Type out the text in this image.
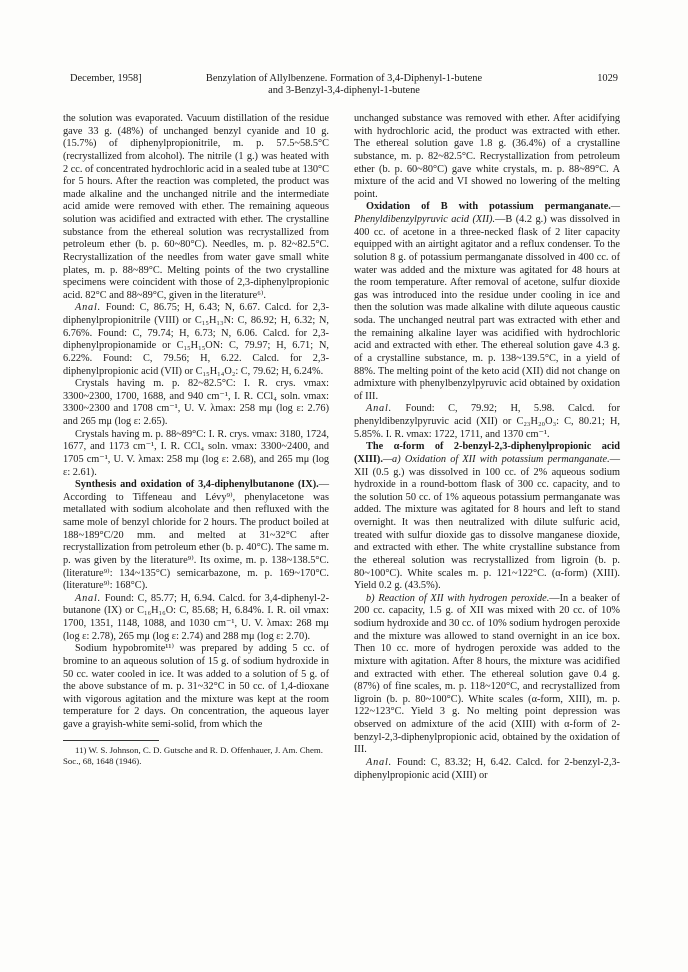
December, 1958]	Benzylation of Allylbenzene. Formation of 3,4-Diphenyl-1-butene
and 3-Benzyl-3,4-diphenyl-1-butene
1029

the solution was evaporated. Vacuum distillation of the residue gave 33 g. (48%) of unchanged benzyl cyanide and 10 g. (15.7%) of diphenylpropionitrile, m. p. 57.5~58.5°C (recrystallized from alcohol). The nitrile (1 g.) was heated with 2 cc. of concentrated hydrochloric acid in a sealed tube at 130°C for 5 hours. After the reaction was completed, the product was made alkaline and the unchanged nitrile and the intermediate acid amide were removed with ether. The remaining aqueous solution was acidified and extracted with ether. The crystalline substance from the ethereal solution was recrystallized from petroleum ether (b. p. 60~80°C). Needles, m. p. 82~82.5°C. Recrystallization of the needles from water gave small white plates, m. p. 88~89°C. Melting points of the two crystalline specimens were coincident with those of 2,3-diphenylpropionic acid. 82°C and 88~89°C, given in the literature⁶⁾.

Anal. Found: C, 86.75; H, 6.43; N, 6.67. Calcd. for 2,3-diphenylpropionitrile (VIII) or C₁₅H₁₃N: C, 86.92; H, 6.32; N, 6.76%. Found: C, 79.74; H, 6.73; N, 6.06. Calcd. for 2,3-diphenylpropionamide or C₁₅H₁₅ON: C, 79.97; H, 6.71; N, 6.22%. Found: C, 79.56; H, 6.22. Calcd. for 2,3-diphenylpropionic acid (VII) or C₁₅H₁₄O₂: C, 79.62; H, 6.24%.

Crystals having m. p. 82~82.5°C: I. R. crys. νmax: 3300~2300, 1700, 1688, and 940 cm⁻¹, I. R. CCl₄ soln. νmax: 3300~2300 and 1708 cm⁻¹, U. V. λmax: 258 mμ (log ε: 2.76) and 265 mμ (log ε: 2.65).

Crystals having m. p. 88~89°C: I. R. crys. νmax: 3180, 1724, 1677, and 1173 cm⁻¹, I. R. CCl₄ soln. νmax: 3300~2400, and 1705 cm⁻¹, U. V. λmax: 258 mμ (log ε: 2.68), and 265 mμ (log ε: 2.61).

Synthesis and oxidation of 3,4-diphenylbutanone (IX).—According to Tiffeneau and Lévy⁹⁾, phenylacetone was metallated with sodium alcoholate and then refluxed with the same mole of benzyl chloride for 2 hours. The product boiled at 188~189°C/20 mm. and melted at 31~32°C after recrystallization from petroleum ether (b. p. 40°C). The same m. p. was given by the literature⁹⁾. Its oxime, m. p. 138~138.5°C. (literature⁹⁾: 134~135°C) semicarbazone, m. p. 169~170°C. (literature⁹⁾: 168°C).

Anal. Found: C, 85.77; H, 6.94. Calcd. for 3,4-diphenyl-2-butanone (IX) or C₁₆H₁₆O: C, 85.68; H, 6.84%. I. R. oil νmax: 1700, 1351, 1148, 1088, and 1030 cm⁻¹, U. V. λmax: 268 mμ (log ε: 2.78), 265 mμ (log ε: 2.74) and 288 mμ (log ε: 2.70).

Sodium hypobromite¹¹⁾ was prepared by adding 5 cc. of bromine to an aqueous solution of 15 g. of sodium hydroxide in 50 cc. water cooled in ice. It was added to a solution of 5 g. of the above substance of m. p. 31~32°C in 50 cc. of 1,4-dioxane with vigorous agitation and the mixture was kept at the room temperature for 2 days. On concentration, the aqueous layer gave a grayish-white semi-solid, from which the

11) W. S. Johnson, C. D. Gutsche and R. D. Offenhauer, J. Am. Chem. Soc., 68, 1648 (1946).

unchanged substance was removed with ether. After acidifying with hydrochloric acid, the product was extracted with ether. The ethereal solution gave 1.8 g. (36.4%) of a crystalline substance, m. p. 82~82.5°C. Recrystallization from petroleum ether (b. p. 60~80°C) gave white crystals, m. p. 88~89°C. A mixture of the acid and VI showed no lowering of the melting point.

Oxidation of B with potassium permanganate.—Phenyldibenzylpyruvic acid (XII).—B (4.2 g.) was dissolved in 400 cc. of acetone in a three-necked flask of 2 liter capacity equipped with an airtight agitator and a reflux condenser. To the solution 8 g. of potassium permanganate dissolved in 400 cc. of water was added and the mixture was agitated for 48 hours at the room temperature. After removal of acetone, sulfur dioxide gas was introduced into the residue under cooling in ice and then the solution was made alkaline with dilute aqueous caustic soda. The unchanged neutral part was extracted with ether and the remaining alkaline layer was acidified with hydrochloric acid and extracted with ether. The ethereal solution gave 4.3 g. of a crystalline substance, m. p. 138~139.5°C, in a yield of 88%. The melting point of the keto acid (XII) did not change on admixture with phenylbenzylpyruvic acid obtained by oxidation of III.

Anal. Found: C, 79.92; H, 5.98. Calcd. for phenyldibenzylpyruvic acid (XII) or C₂₃H₂₀O₃: C, 80.21; H, 5.85%. I. R. νmax: 1722, 1711, and 1370 cm⁻¹.

The α-form of 2-benzyl-2,3-diphenylpropionic acid (XIII).—a) Oxidation of XII with potassium permanganate.—XII (0.5 g.) was dissolved in 100 cc. of 2% aqueous sodium hydroxide in a round-bottom flask of 300 cc. capacity, and to the solution 50 cc. of 1% aqueous potassium permanganate was added. The mixture was agitated for 8 hours and left to stand overnight. It was then neutralized with dilute sulfuric acid, treated with sulfur dioxide gas to dissolve manganese dioxide, and extracted with ether. The white crystalline substance from the ethereal solution was recrystallized from ligroin (b. p. 80~100°C). White scales m. p. 121~122°C. (α-form) (XIII). Yield 0.2 g. (43.5%).

b) Reaction of XII with hydrogen peroxide.—In a beaker of 200 cc. capacity, 1.5 g. of XII was mixed with 20 cc. of 10% sodium hydroxide and 30 cc. of 10% sodium hydrogen peroxide and the mixture was allowed to stand overnight in an ice box. Then 10 cc. more of hydrogen peroxide was added to the mixture with agitation. After 8 hours, the mixture was acidified and extracted with ether. The ethereal solution gave 0.4 g. (87%) of fine scales, m. p. 118~120°C, and recrystallized from ligroin (b. p. 80~100°C). White scales (α-form, XIII), m. p. 122~123°C. Yield 3 g. No melting point depression was observed on admixture of the acid (XIII) with α-form of 2-benzyl-2,3-diphenylpropionic acid, obtained by the oxidation of III.

Anal. Found: C, 83.32; H, 6.42. Calcd. for 2-benzyl-2,3-diphenylpropionic acid (XIII) or
